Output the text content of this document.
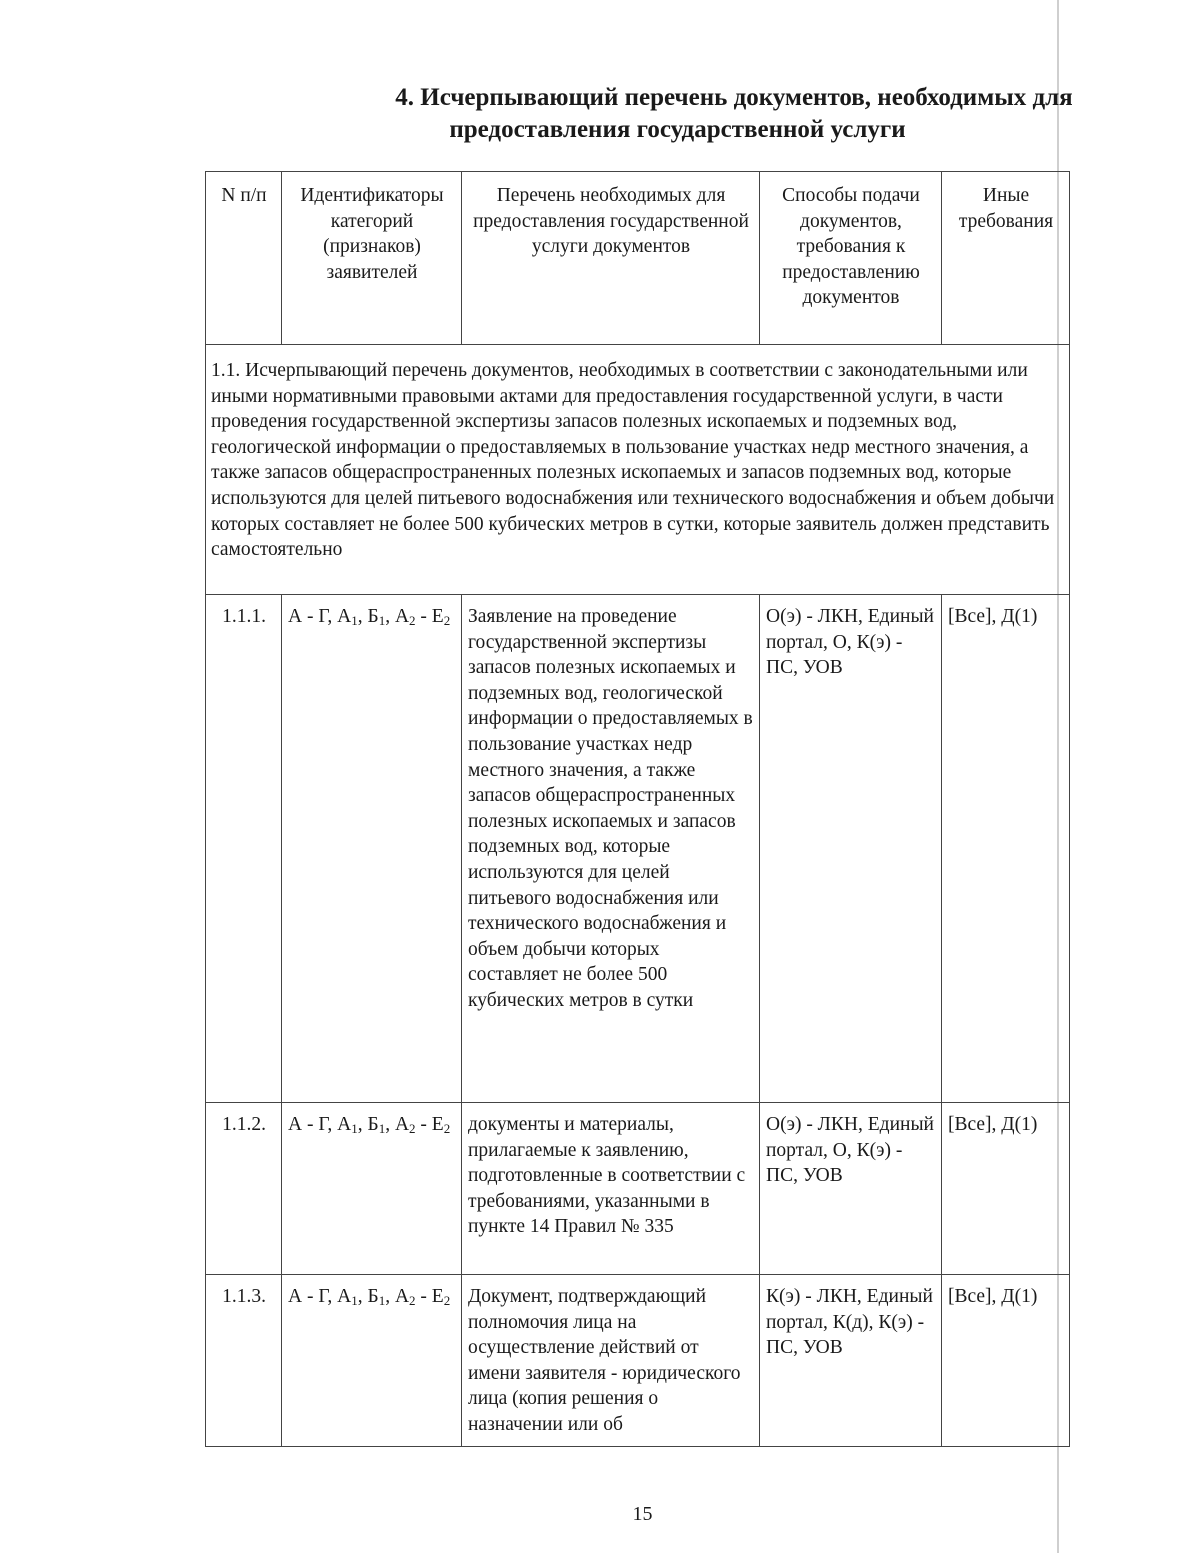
4. Исчерпывающий перечень документов, необходимых для
предоставления государственной услуги
N п/п	Идентификаторы категорий (признаков) заявителей	Перечень необходимых для предоставления государственной услуги документов	Способы подачи документов, требования к предоставлению документов	Иные требования
1.1. Исчерпывающий перечень документов, необходимых в соответствии с законодательными или иными нормативными правовыми актами для предоставления государственной услуги, в части проведения государственной экспертизы запасов полезных ископаемых и подземных вод, геологической информации о предоставляемых в пользование участках недр местного значения, а также запасов общераспространенных полезных ископаемых и запасов подземных вод, которые используются для целей питьевого водоснабжения или технического водоснабжения и объем добычи которых составляет не более 500 кубических метров в сутки, которые заявитель должен представить самостоятельно				
1.1.1.	А - Г, $А_1$, $Б_1$, $А_2 - Е_2$	Заявление на проведение государственной экспертизы запасов полезных ископаемых и подземных вод, геологической информации о предоставляемых в пользование участках недр местного значения, а также запасов общераспространенных полезных ископаемых и запасов подземных вод, которые используются для целей питьевого водоснабжения или технического водоснабжения и объем добычи которых составляет не более 500 кубических метров в сутки	О(э) - ЛКН, Единый портал, О, К(э) - ПС, УОВ	[Все], Д(1)
1.1.2.	А - Г, $А_1$, $Б_1$, $А_2 - Е_2$	документы и материалы, прилагаемые к заявлению, подготовленные в соответствии с требованиями, указанными в пункте 14 Правил № 335	О(э) - ЛКН, Единый портал, О, К(э) - ПС, УОВ	[Все], Д(1)
1.1.3.	А - Г, $А_1$, $Б_1$, $А_2 - Е_2$	Документ, подтверждающий полномочия лица на осуществление действий от имени заявителя - юридического лица (копия решения о назначении или об	К(э) - ЛКН, Единый портал, К(д), К(э) - ПС, УОВ	[Все], Д(1)
15
